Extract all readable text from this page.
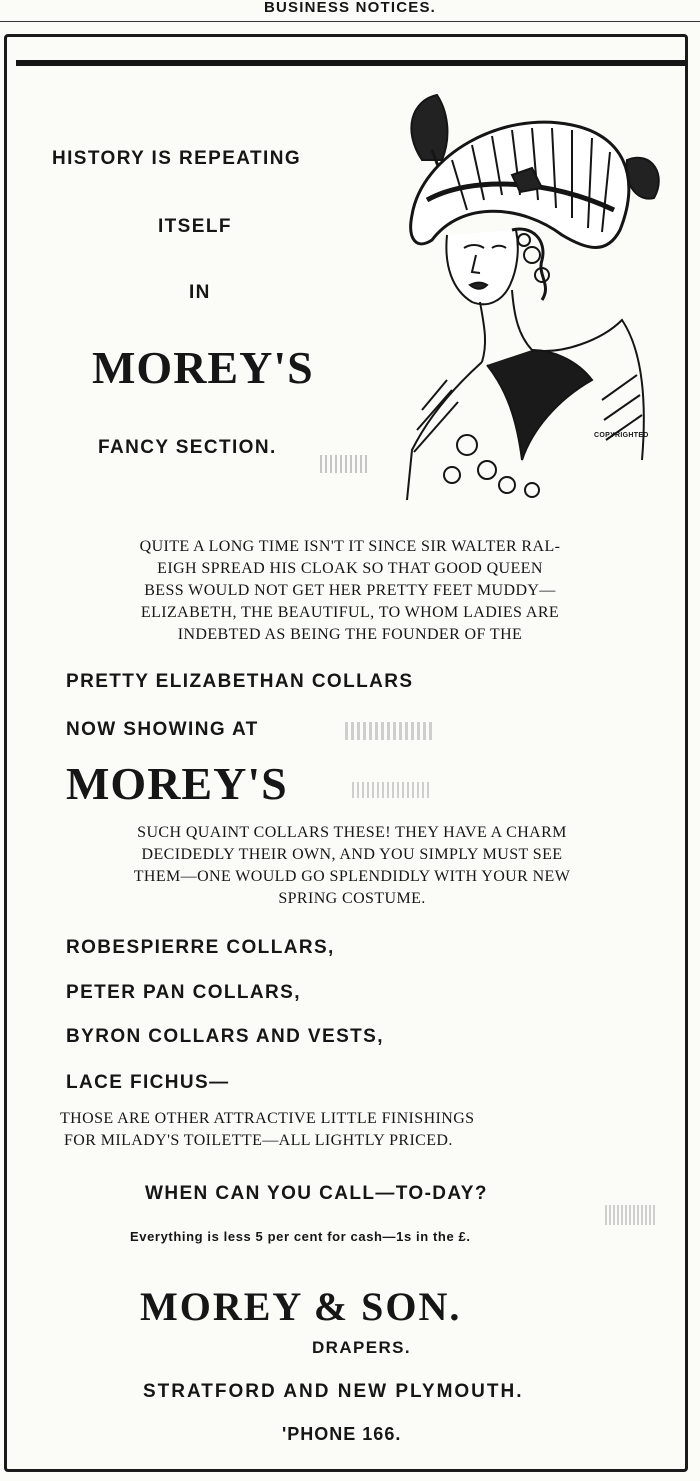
BUSINESS NOTICES.
HISTORY IS REPEATING
ITSELF
IN
MOREY'S
FANCY SECTION.
COPYRIGHTED
QUITE A LONG TIME ISN'T IT SINCE SIR WALTER RAL-
EIGH SPREAD HIS CLOAK SO THAT GOOD QUEEN
BESS WOULD NOT GET HER PRETTY FEET MUDDY—
ELIZABETH, THE BEAUTIFUL, TO WHOM LADIES ARE
INDEBTED AS BEING THE FOUNDER OF THE
PRETTY ELIZABETHAN COLLARS
NOW SHOWING AT
MOREY'S
SUCH QUAINT COLLARS THESE! THEY HAVE A CHARM
DECIDEDLY THEIR OWN, AND YOU SIMPLY MUST SEE
THEM—ONE WOULD GO SPLENDIDLY WITH YOUR NEW
SPRING COSTUME.
ROBESPIERRE COLLARS,
PETER PAN COLLARS,
BYRON COLLARS AND VESTS,
LACE FICHUS—
THOSE ARE OTHER ATTRACTIVE LITTLE FINISHINGS
FOR MILADY'S TOILETTE—ALL LIGHTLY PRICED.
WHEN CAN YOU CALL—TO-DAY?
Everything is less 5 per cent for cash—1s in the £.
MOREY & SON.
DRAPERS.
STRATFORD AND NEW PLYMOUTH.
'PHONE 166.
